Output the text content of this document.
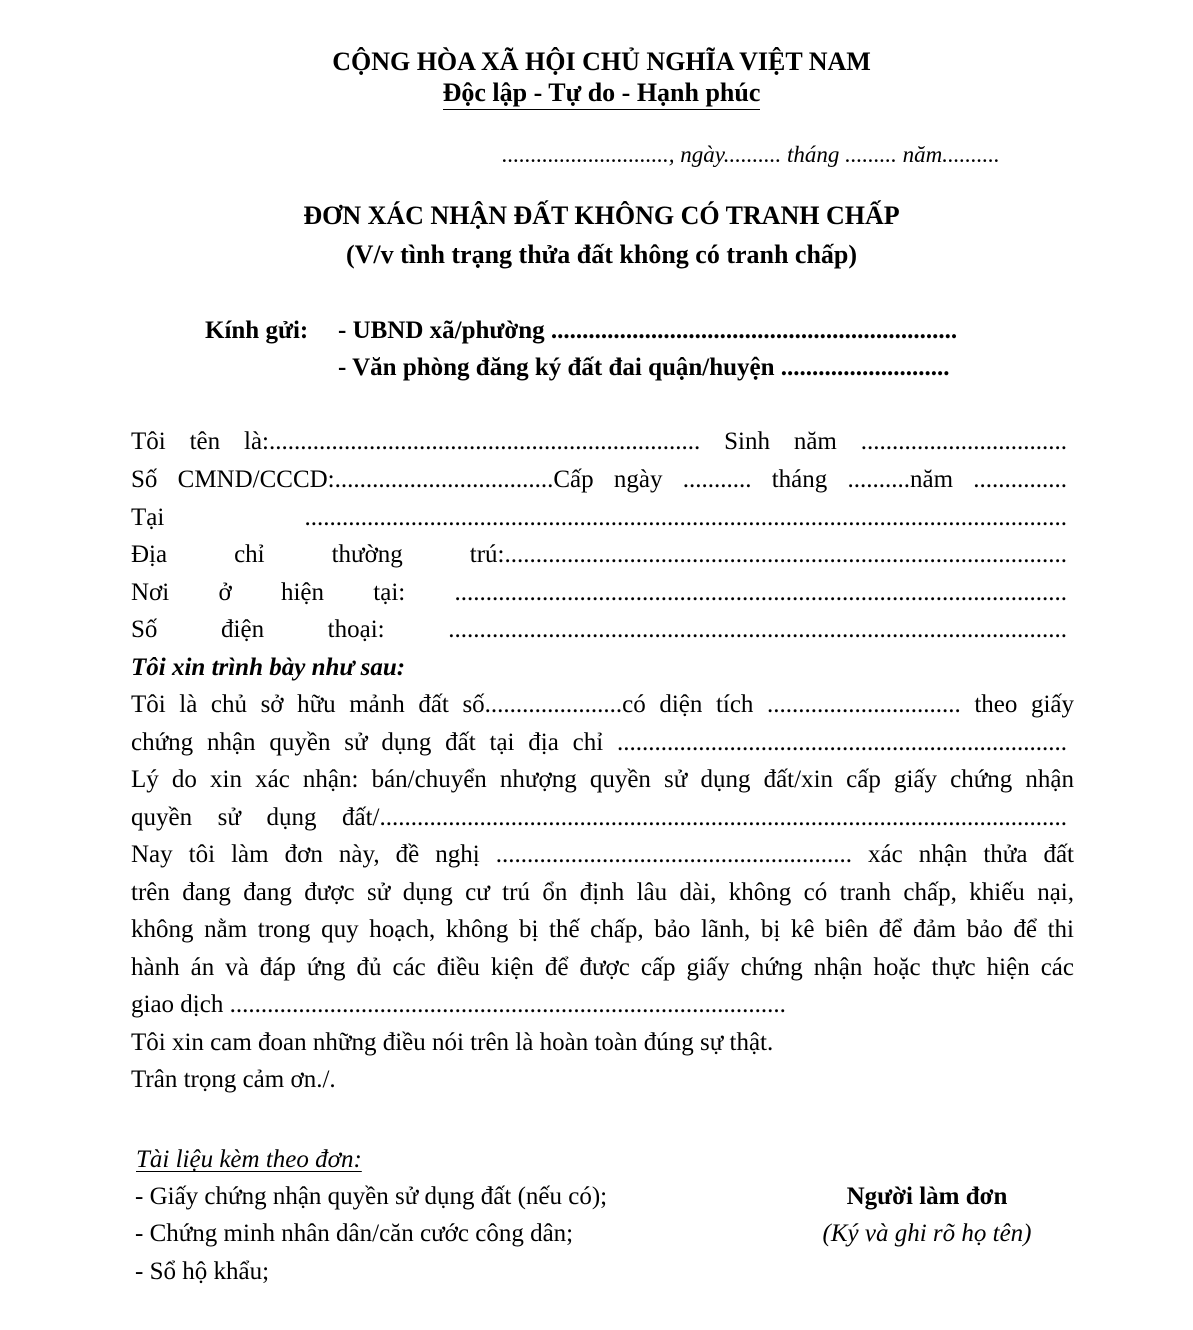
CỘNG HÒA XÃ HỘI CHỦ NGHĨA VIỆT NAM
Độc lập - Tự do - Hạnh phúc
............................., ngày.......... tháng ......... năm..........
ĐƠN XÁC NHẬN ĐẤT KHÔNG CÓ TRANH CHẤP
(V/v tình trạng thửa đất không có tranh chấp)
Kính gửi: - UBND xã/phường .................................................................
- Văn phòng đăng ký đất đai quận/huyện ...........................
Tôi tên là:..................................................................... Sinh năm .................................
Số CMND/CCCD:...................................Cấp ngày ........... tháng ..........năm ...............
Tại ..........................................................................................................................
Địa chỉ thường trú:..........................................................................................
Nơi ở hiện tại: ..................................................................................................
Số điện thoại: ...................................................................................................
Tôi xin trình bày như sau:
Tôi là chủ sở hữu mảnh đất số......................có diện tích ............................... theo giấy
chứng nhận quyền sử dụng đất tại địa chỉ ........................................................................
Lý do xin xác nhận: bán/chuyển nhượng quyền sử dụng đất/xin cấp giấy chứng nhận
quyền sử dụng đất/..............................................................................................................
Nay tôi làm đơn này, đề nghị ......................................................... xác nhận thửa đất
trên đang đang được sử dụng cư trú ổn định lâu dài, không có tranh chấp, khiếu nại,
không nằm trong quy hoạch, không bị thế chấp, bảo lãnh, bị kê biên để đảm bảo để thi
hành án và đáp ứng đủ các điều kiện để được cấp giấy chứng nhận hoặc thực hiện các
giao dịch .........................................................................................
Tôi xin cam đoan những điều nói trên là hoàn toàn đúng sự thật.
Trân trọng cảm ơn./.
Tài liệu kèm theo đơn:
- Giấy chứng nhận quyền sử dụng đất (nếu có);
- Chứng minh nhân dân/căn cước công dân;
- Sổ hộ khẩu;
Người làm đơn
(Ký và ghi rõ họ tên)
